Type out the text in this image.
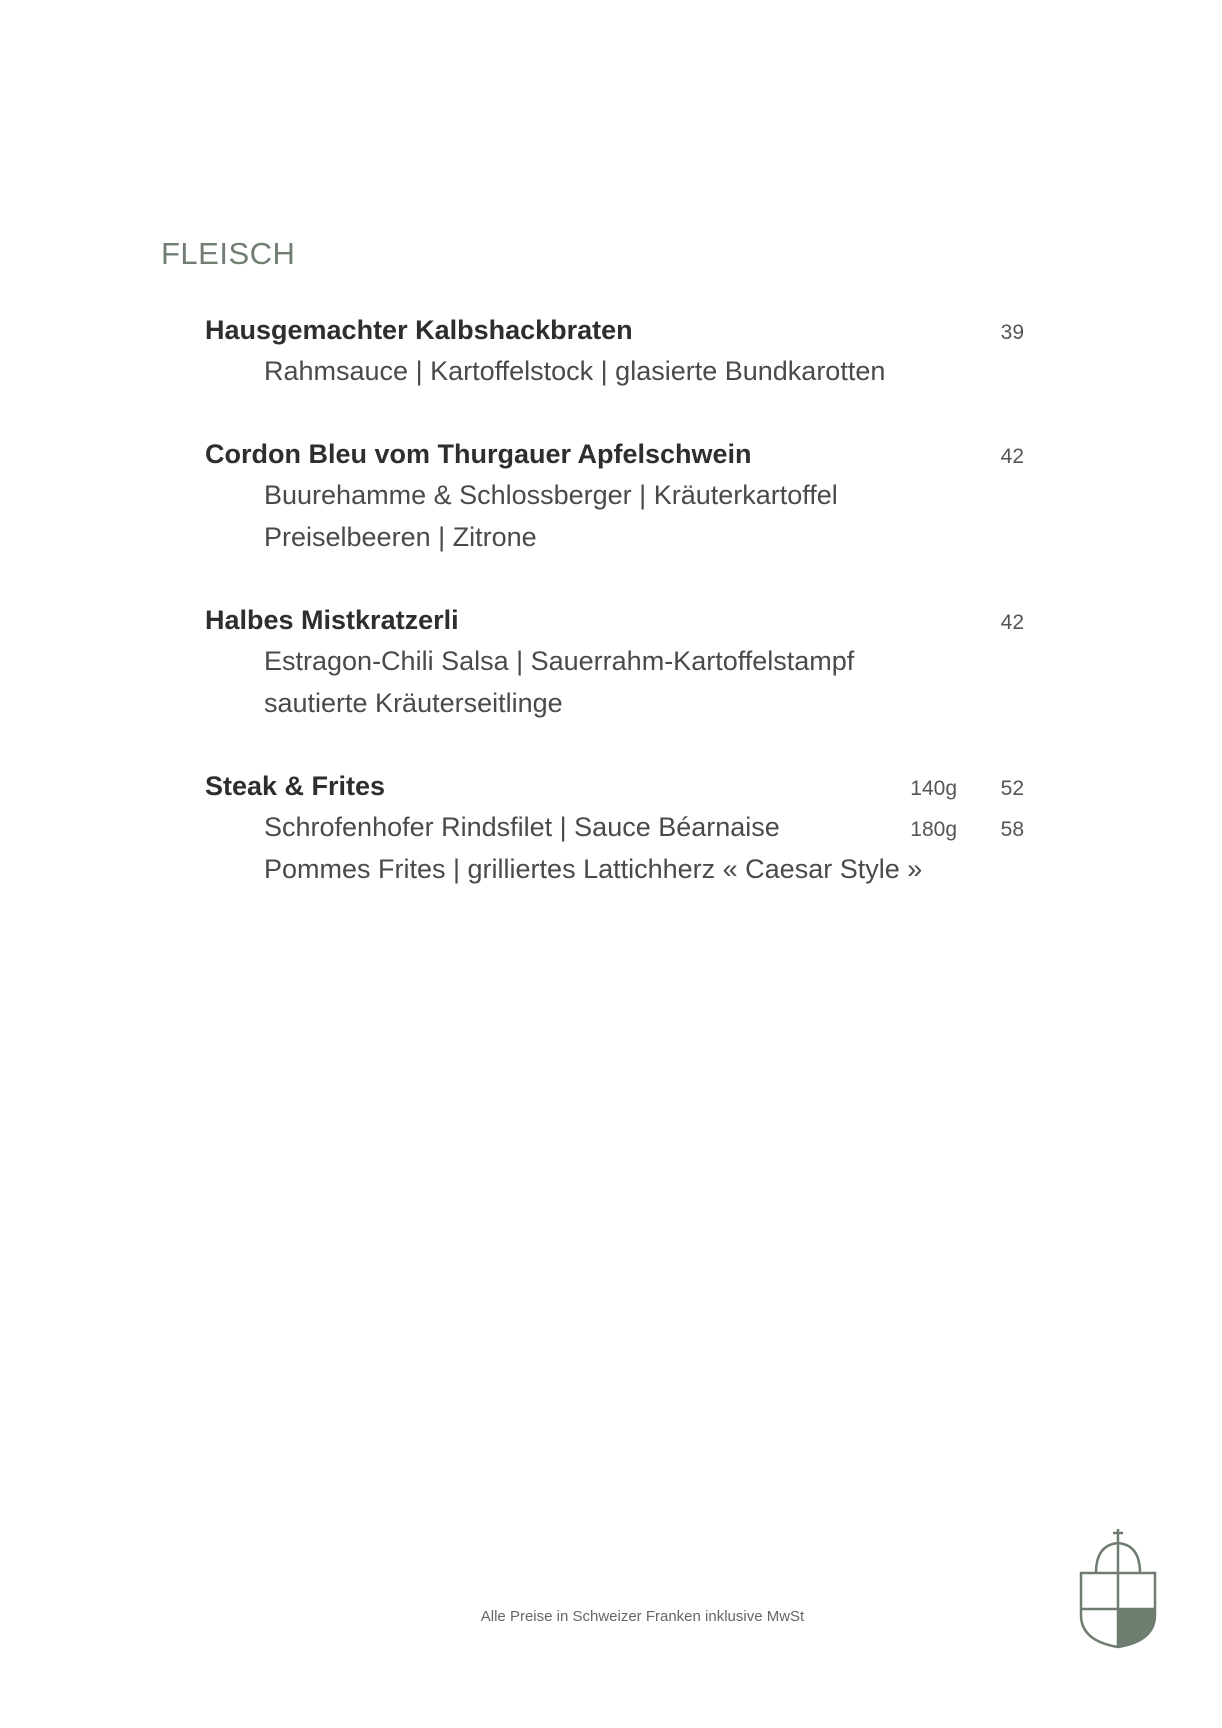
FLEISCH
Hausgemachter Kalbshackbraten	39
Rahmsauce | Kartoffelstock | glasierte Bundkarotten
Cordon Bleu vom Thurgauer Apfelschwein	42
Buurehamme & Schlossberger | Kräuterkartoffel
Preiselbeeren | Zitrone
Halbes Mistkratzerli	42
Estragon-Chili Salsa | Sauerrahm-Kartoffelstampf
sautierte Kräuterseitlinge
Steak & Frites	140g 52
Schrofenhofer Rindsfilet | Sauce Béarnaise	180g 58
Pommes Frites | grilliertes Lattichherz « Caesar Style »
Alle Preise in Schweizer Franken inklusive MwSt
